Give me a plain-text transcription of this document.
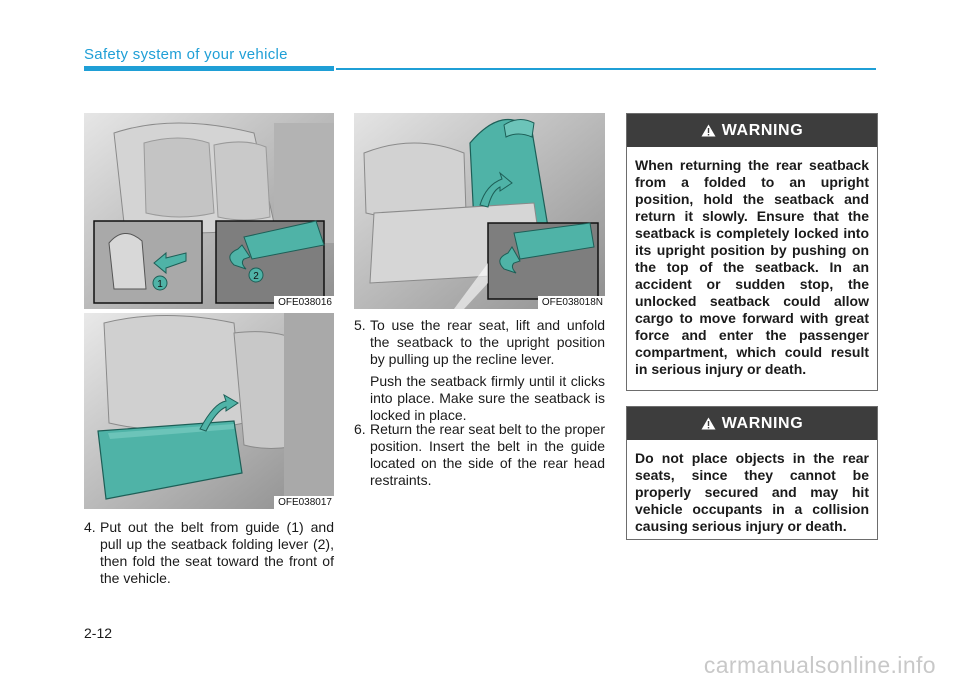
Safety system of your vehicle
1
2
OFE038016
OFE038017
OFE038018N
4. Put out the belt from guide (1) and pull up the seatback folding lever (2), then fold the seat toward the front of the vehicle.

5. To use the rear seat, lift and unfold the seatback to the upright position by pulling up the recline lever.

Push the seatback firmly until it clicks into place. Make sure the seatback is locked in place.

6. Return the rear seat belt to the proper position. Insert the belt in the guide located on the side of the rear head restraints.

WARNING
When returning the rear seatback from a folded to an upright position, hold the seatback and return it slowly. Ensure that the seatback is completely locked into its upright position by pushing on the top of the seatback. In an accident or sudden stop, the unlocked seatback could allow cargo to move forward with great force and enter the passenger compartment, which could result in serious injury or death.
WARNING
Do not place objects in the rear seats, since they cannot be properly secured and may hit vehicle occupants in a collision causing serious injury or death.
2-12
carmanualsonline.info
